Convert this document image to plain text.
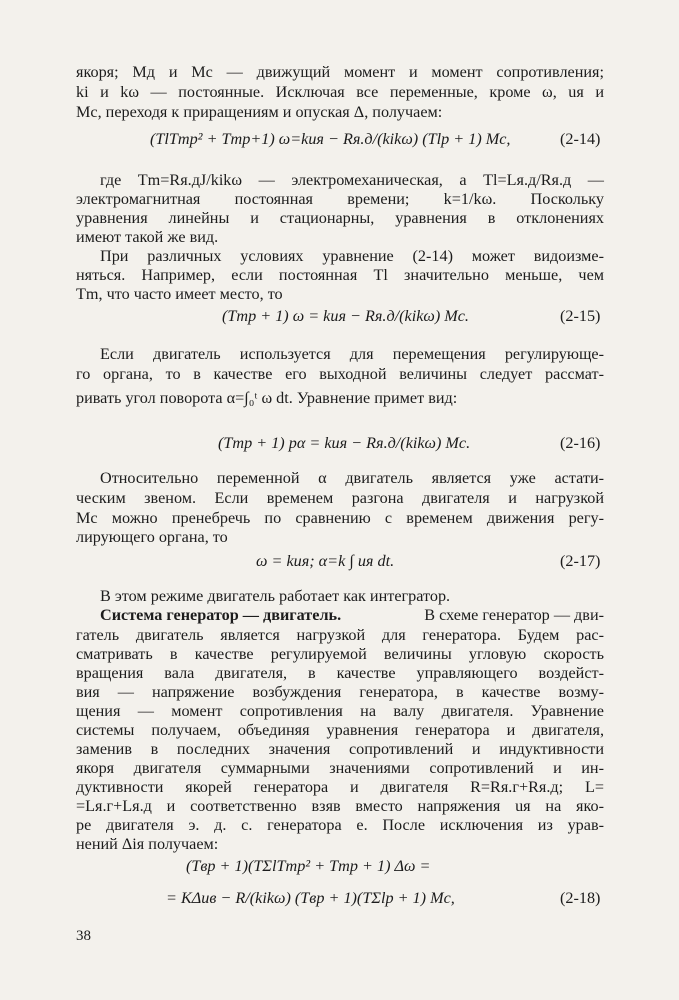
якоря; Mд и Mс — движущий момент и момент сопротивления;
ki и kω — постоянные. Исключая все переменные, кроме ω, uя и
Mс, переходя к приращениям и опуская Δ, получаем:
(TlTmp² + Tmp+1) ω=kuя − Rя.д/(kikω) (Tlp + 1) Mс,	(2-14)
где Tm=Rя.дJ/kikω — электромеханическая, а Tl=Lя.д/Rя.д —
электромагнитная постоянная времени; k=1/kω. Поскольку
уравнения линейны и стационарны, уравнения в отклонениях
имеют такой же вид.
При различных условиях уравнение (2-14) может видоизме-
няться. Например, если постоянная Tl значительно меньше, чем
Tm, что часто имеет место, то
(Tmp + 1) ω = kuя − Rя.д/(kikω) Mс.	(2-15)
Если двигатель используется для перемещения регулирующе-
го органа, то в качестве его выходной величины следует рассмат-
ривать угол поворота α=∫₀ᵗ ω dt. Уравнение примет вид:
(Tmp + 1) pα = kuя − Rя.д/(kikω) Mс.	(2-16)
Относительно переменной α двигатель является уже астати-
ческим звеном. Если временем разгона двигателя и нагрузкой
Mс можно пренебречь по сравнению с временем движения регу-
лирующего органа, то
ω = kuя; α=k ∫ uя dt.	(2-17)
В этом режиме двигатель работает как интегратор.
Система генератор — двигатель.	В схеме генератор — дви-
гатель двигатель является нагрузкой для генератора. Будем рас-
сматривать в качестве регулируемой величины угловую скорость
вращения вала двигателя, в качестве управляющего воздейст-
вия — напряжение возбуждения генератора, в качестве возму-
щения — момент сопротивления на валу двигателя. Уравнение
системы получаем, объединяя уравнения генератора и двигателя,
заменив в последних значения сопротивлений и индуктивности
якоря двигателя суммарными значениями сопротивлений и ин-
дуктивности якорей генератора и двигателя R=Rя.г+Rя.д; L=
=Lя.г+Lя.д и соответственно взяв вместо напряжения uя на яко-
ре двигателя э. д. с. генератора e. После исключения из урав-
нений Δiя получаем:
(Tвp + 1)(TΣlTmp² + Tmp + 1) Δω =
= KΔuв − R/(kikω) (Tвp + 1)(TΣlp + 1) Mс,	(2-18)
38
